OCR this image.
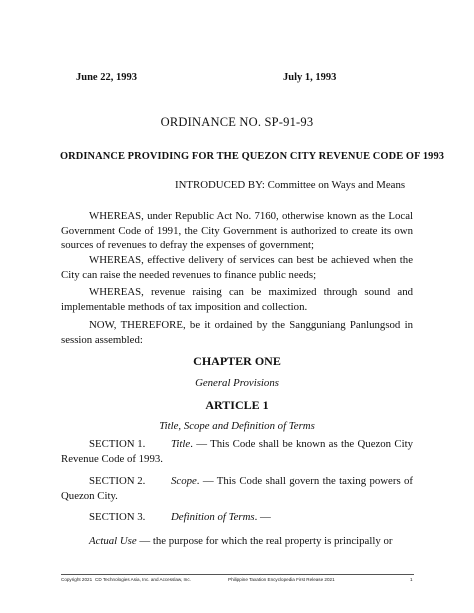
June 22, 1993	July 1, 1993
ORDINANCE NO. SP-91-93
ORDINANCE PROVIDING FOR THE QUEZON CITY REVENUE CODE OF 1993
INTRODUCED BY: Committee on Ways and Means
WHEREAS, under Republic Act No. 7160, otherwise known as the Local Government Code of 1991, the City Government is authorized to create its own sources of revenues to defray the expenses of government;
WHEREAS, effective delivery of services can best be achieved when the City can raise the needed revenues to finance public needs;
WHEREAS, revenue raising can be maximized through sound and implementable methods of tax imposition and collection.
NOW, THEREFORE, be it ordained by the Sangguniang Panlungsod in session assembled:
CHAPTER ONE
General Provisions
ARTICLE 1
Title, Scope and Definition of Terms
SECTION 1. Title. — This Code shall be known as the Quezon City Revenue Code of 1993.
SECTION 2. Scope. — This Code shall govern the taxing powers of Quezon City.
SECTION 3. Definition of Terms. —
Actual Use — the purpose for which the real property is principally or
Copyright 2021 CD Technologies Asia, Inc. and Accesslaw, Inc.	Philippine Taxation Encyclopedia First Release 2021	1
